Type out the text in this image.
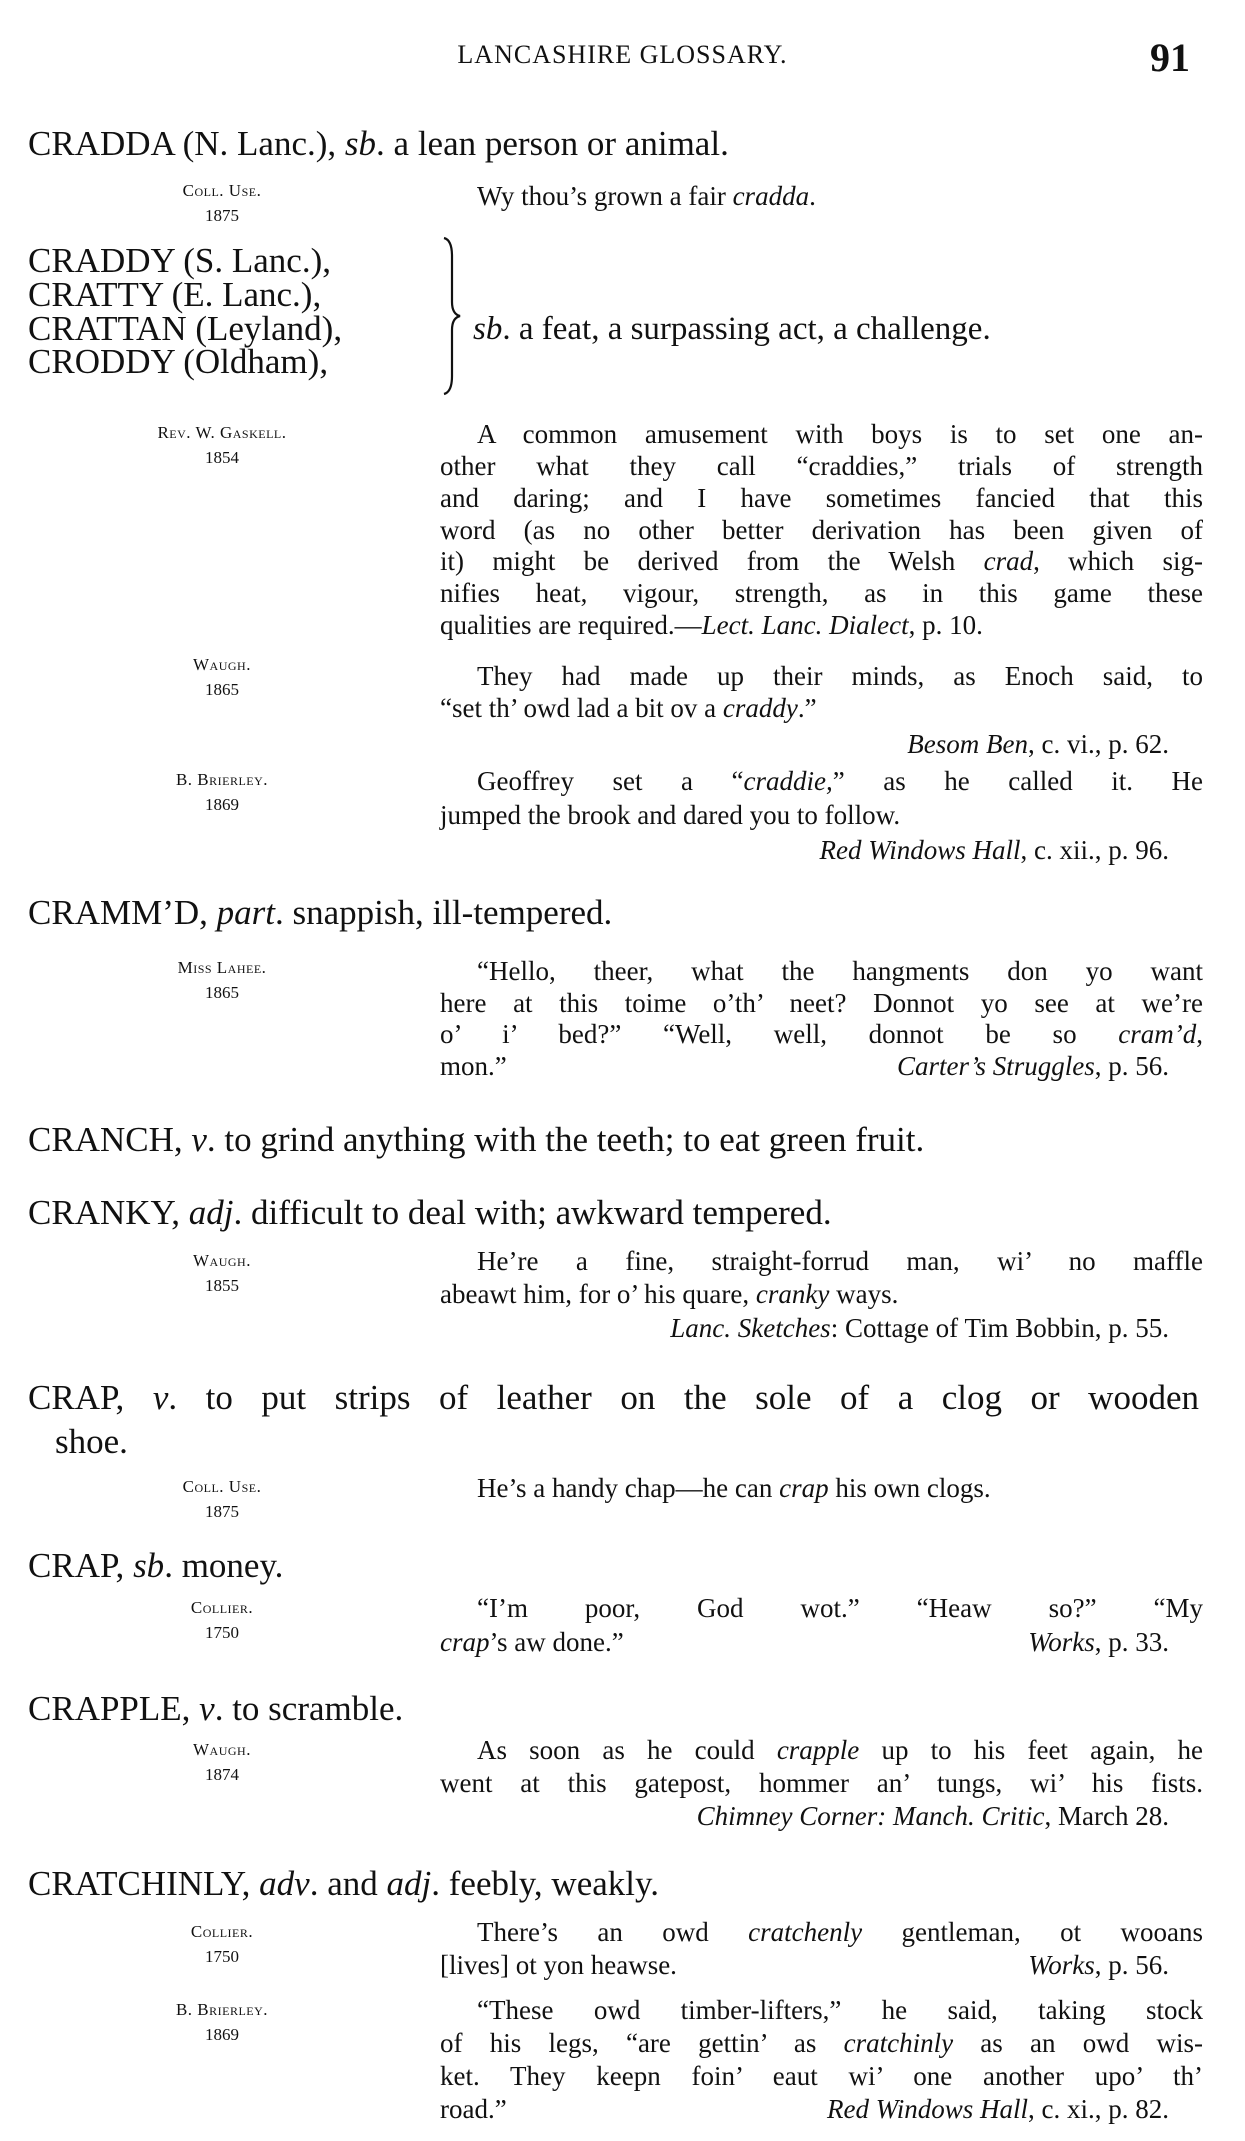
LANCASHIRE GLOSSARY.	91
CRADDA (N. Lanc.), sb. a lean person or animal.
Coll. Use.
1875
Wy thou’s grown a fair cradda.
CRADDY (S. Lanc.),
CRATTY (E. Lanc.),
CRATTAN (Leyland),
CRODDY (Oldham),
sb. a feat, a surpassing act, a challenge.
Rev. W. Gaskell.
1854
A common amusement with boys is to set one an-
other what they call “craddies,” trials of strength
and daring; and I have sometimes fancied that this
word (as no other better derivation has been given of
it) might be derived from the Welsh crad, which sig-
nifies heat, vigour, strength, as in this game these
qualities are required.—Lect. Lanc. Dialect, p. 10.
Waugh.
1865	They had made up their minds, as Enoch said, to
“set th’ owd lad a bit ov a craddy.”
Besom Ben, c. vi., p. 62.
B. Brierley.
1869
Geoffrey set a “craddie,” as he called it. He
jumped the brook and dared you to follow.
Red Windows Hall, c. xii., p. 96.
CRAMM’D, part. snappish, ill-tempered.
Miss Lahee.
1865
“Hello, theer, what the hangments don yo want
here at this toime o’th’ neet? Donnot yo see at we’re
o’ i’ bed?” “Well, well, donnot be so cram’d,
mon.”	Carter’s Struggles, p. 56.
CRANCH, v. to grind anything with the teeth; to eat green fruit.
CRANKY, adj. difficult to deal with; awkward tempered.
Waugh.
1855
He’re a fine, straight-forrud man, wi’ no maffle
abeawt him, for o’ his quare, cranky ways.
Lanc. Sketches: Cottage of Tim Bobbin, p. 55.
CRAP, v. to put strips of leather on the sole of a clog or wooden
shoe.
Coll. Use.
1875
He’s a handy chap—he can crap his own clogs.
CRAP, sb. money.
Collier.
1750
“I’m poor, God wot.” “Heaw so?” “My
crap’s aw done.”	Works, p. 33.
CRAPPLE, v. to scramble.
Waugh.
1874
As soon as he could crapple up to his feet again, he
went at this gatepost, hommer an’ tungs, wi’ his fists.
Chimney Corner: Manch. Critic, March 28.
CRATCHINLY, adv. and adj. feebly, weakly.
Collier.
1750
There’s an owd cratchenly gentleman, ot wooans
[lives] ot yon heawse.	Works, p. 56.
B. Brierley.
1869
“These owd timber-lifters,” he said, taking stock
of his legs, “are gettin’ as cratchinly as an owd wis-
ket. They keepn foin’ eaut wi’ one another upo’ th’
road.”	Red Windows Hall, c. xi., p. 82.
